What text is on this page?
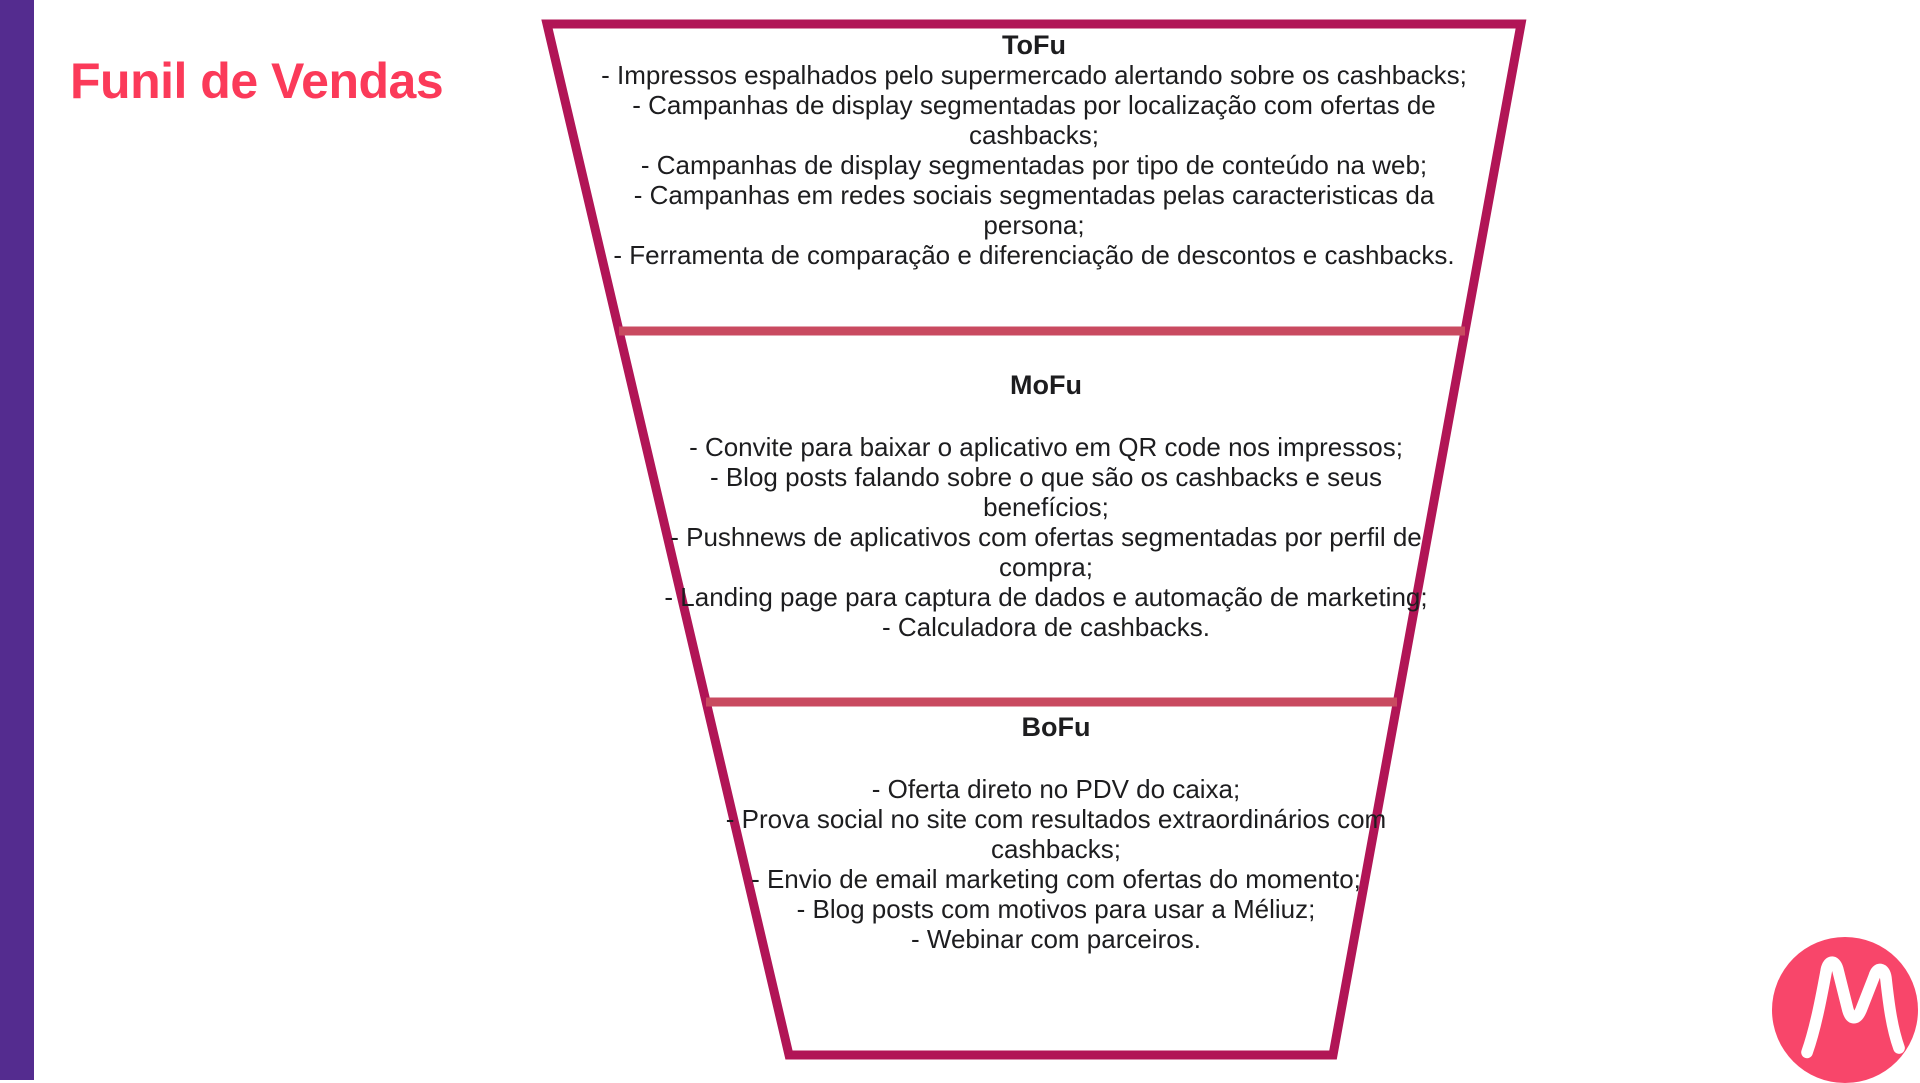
Funil de Vendas
ToFu
- Impressos espalhados pelo supermercado alertando sobre os cashbacks;
- Campanhas de display segmentadas por localização com ofertas de cashbacks;
- Campanhas de display segmentadas por tipo de conteúdo na web;
- Campanhas em redes sociais segmentadas pelas caracteristicas da persona;
- Ferramenta de comparação e diferenciação de descontos e cashbacks.
MoFu
- Convite para baixar o aplicativo em QR code nos impressos;
- Blog posts falando sobre o que são os cashbacks e seus benefícios;
- Pushnews de aplicativos com ofertas segmentadas por perfil de compra;
- Landing page para captura de dados e automação de marketing;
- Calculadora de cashbacks.
BoFu
- Oferta direto no PDV do caixa;
- Prova social no site com resultados extraordinários com cashbacks;
- Envio de email marketing com ofertas do momento;
- Blog posts com motivos para usar a Méliuz;
- Webinar com parceiros.
